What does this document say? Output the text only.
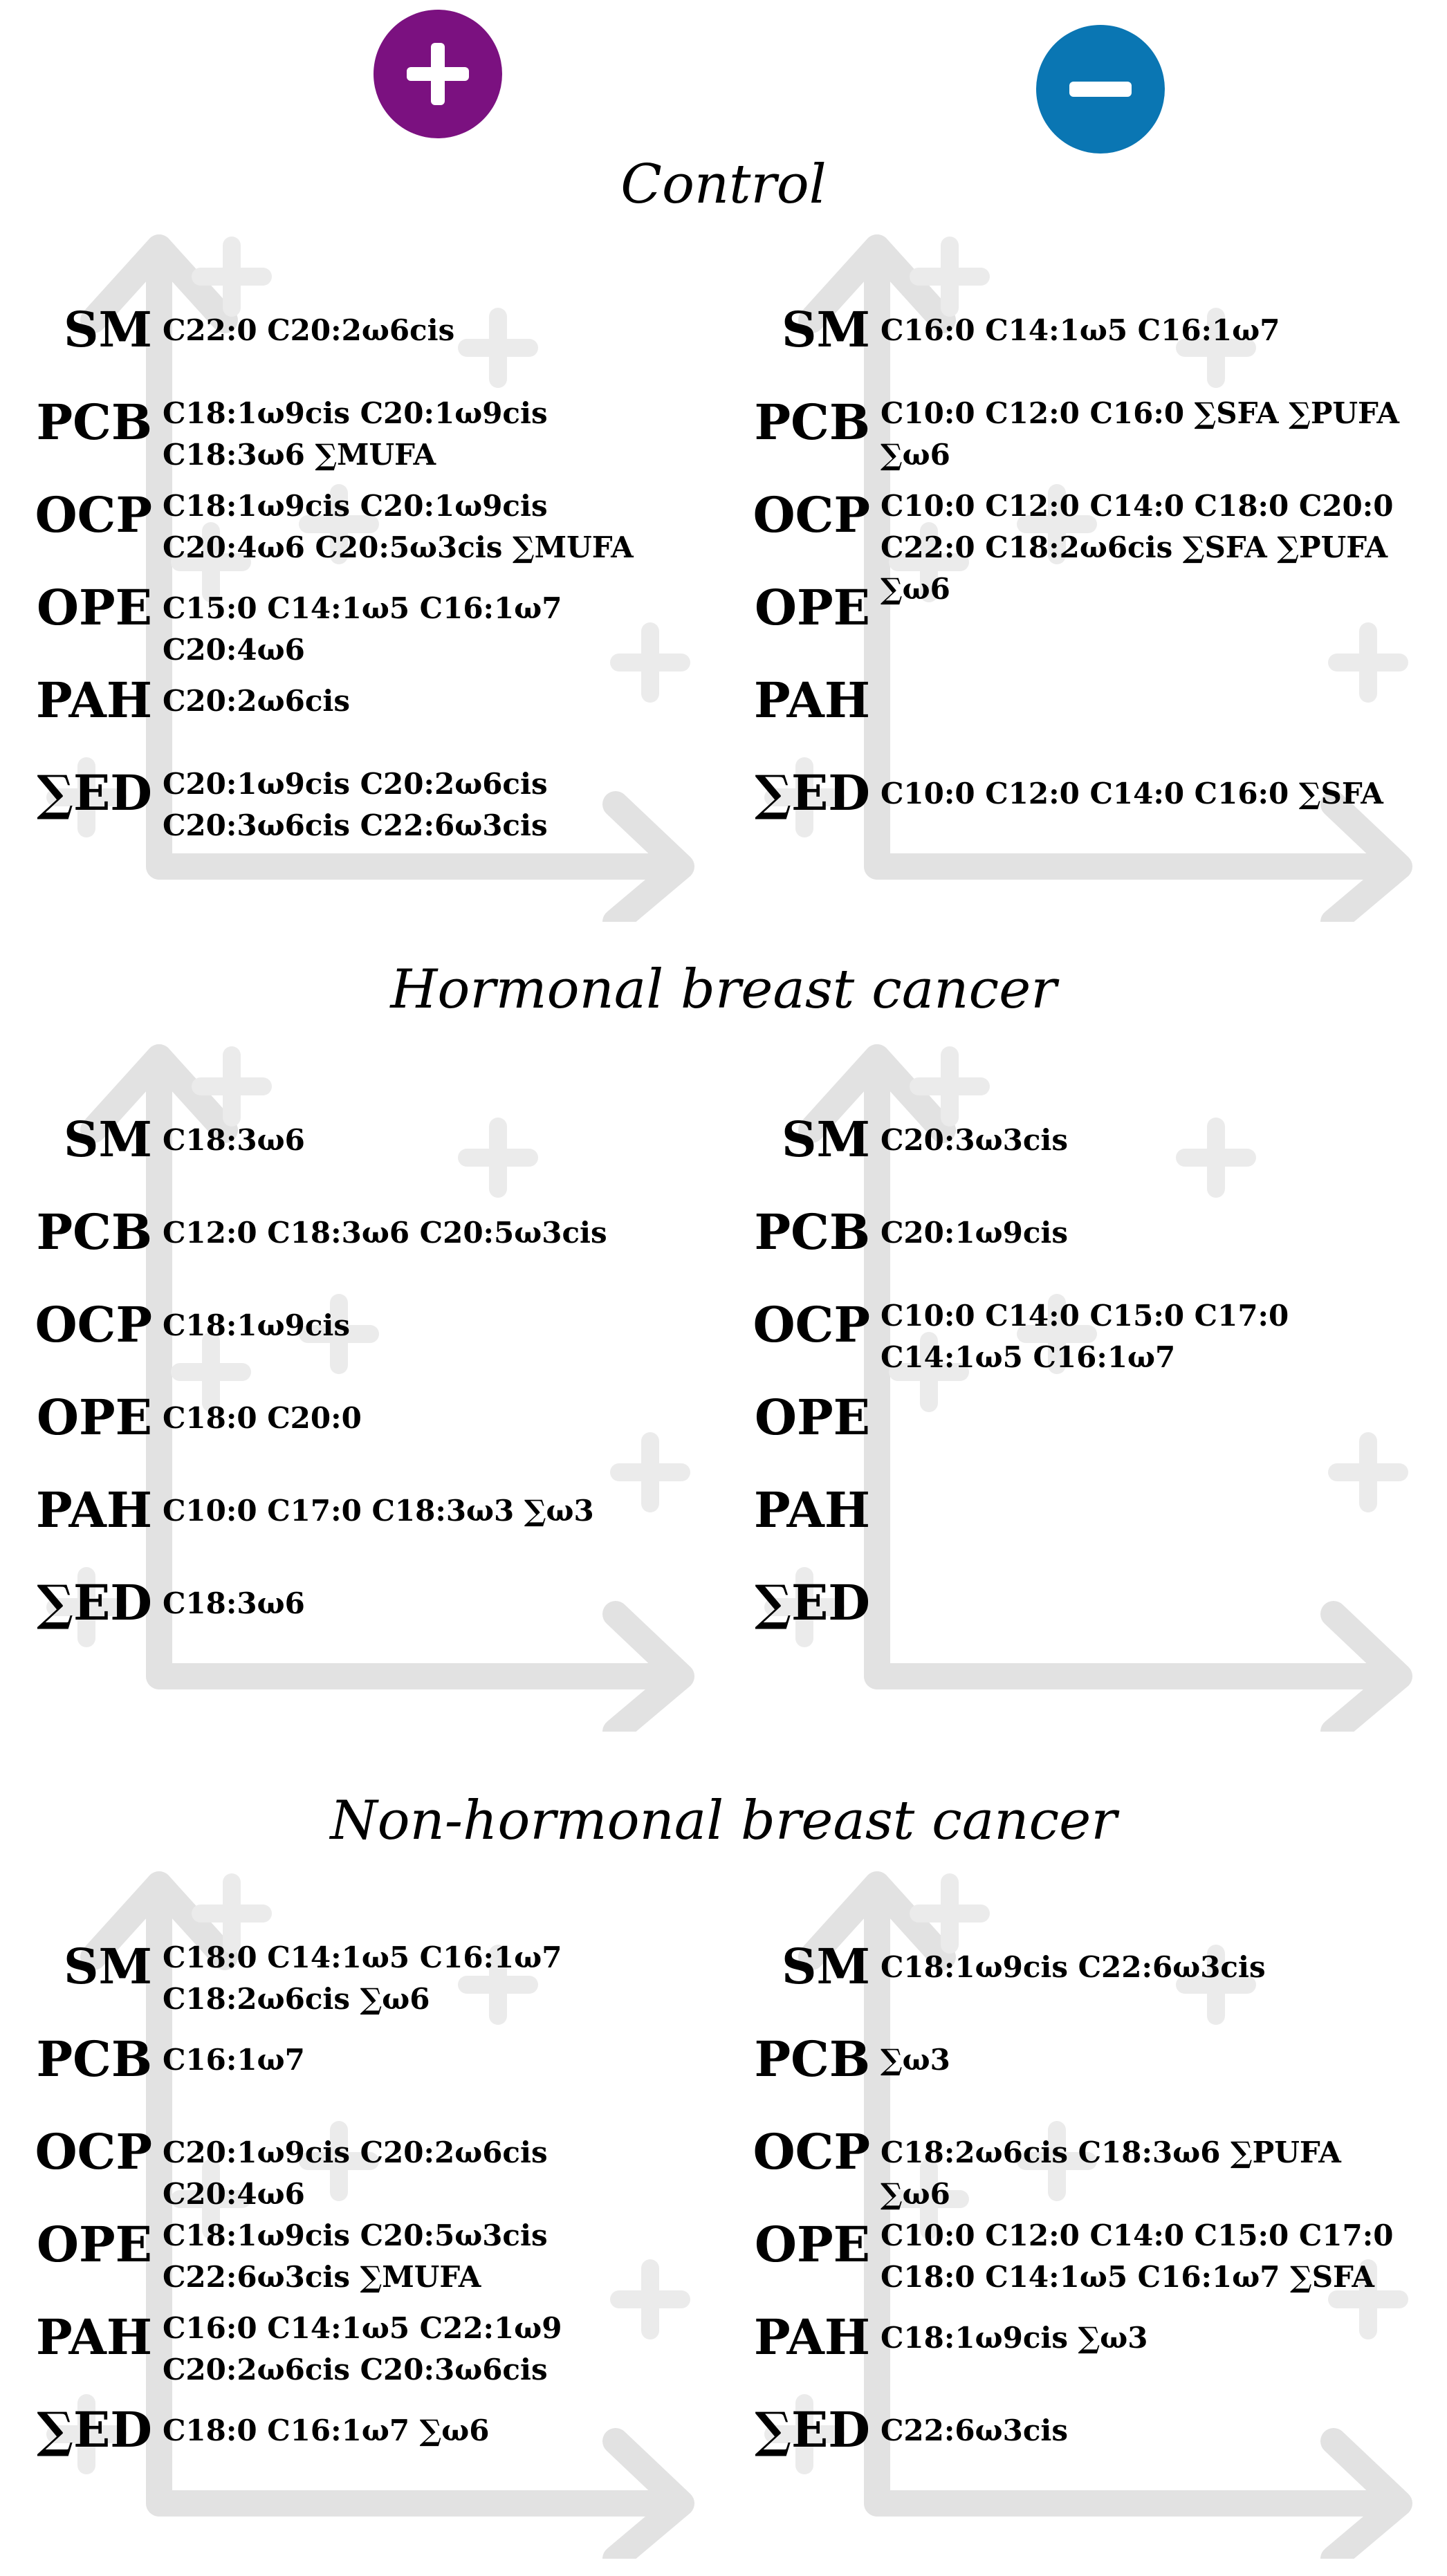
Control
SM C22:0 C20:2ω6cis
PCB C18:1ω9cis C20:1ω9cis C18:3ω6 ∑MUFA
OCP C18:1ω9cis C20:1ω9cis C20:4ω6 C20:5ω3cis ∑MUFA
OPE C15:0 C14:1ω5 C16:1ω7 C20:4ω6
PAH C20:2ω6cis
∑ED C20:1ω9cis C20:2ω6cis C20:3ω6cis C22:6ω3cis
SM C16:0 C14:1ω5 C16:1ω7
PCB C10:0 C12:0 C16:0 ∑SFA ∑PUFA ∑ω6
OCP C10:0 C12:0 C14:0 C18:0 C20:0 C22:0 C18:2ω6cis ∑SFA ∑PUFA ∑ω6
OPE
PAH
∑ED C10:0 C12:0 C14:0 C16:0 ∑SFA
Hormonal breast cancer
SM C18:3ω6
PCB C12:0 C18:3ω6 C20:5ω3cis
OCP C18:1ω9cis
OPE C18:0 C20:0
PAH C10:0 C17:0 C18:3ω3 ∑ω3
∑ED C18:3ω6
SM C20:3ω3cis
PCB C20:1ω9cis
OCP C10:0 C14:0 C15:0 C17:0 C14:1ω5 C16:1ω7
OPE
PAH
∑ED
Non-hormonal breast cancer
SM C18:0 C14:1ω5 C16:1ω7 C18:2ω6cis ∑ω6
PCB C16:1ω7
OCP C20:1ω9cis C20:2ω6cis C20:4ω6
OPE C18:1ω9cis C20:5ω3cis C22:6ω3cis ∑MUFA
PAH C16:0 C14:1ω5 C22:1ω9 C20:2ω6cis C20:3ω6cis
∑ED C18:0 C16:1ω7 ∑ω6
SM C18:1ω9cis C22:6ω3cis
PCB ∑ω3
OCP C18:2ω6cis C18:3ω6 ∑PUFA ∑ω6
OPE C10:0 C12:0 C14:0 C15:0 C17:0 C18:0 C14:1ω5 C16:1ω7 ∑SFA
PAH C18:1ω9cis ∑ω3
∑ED C22:6ω3cis
